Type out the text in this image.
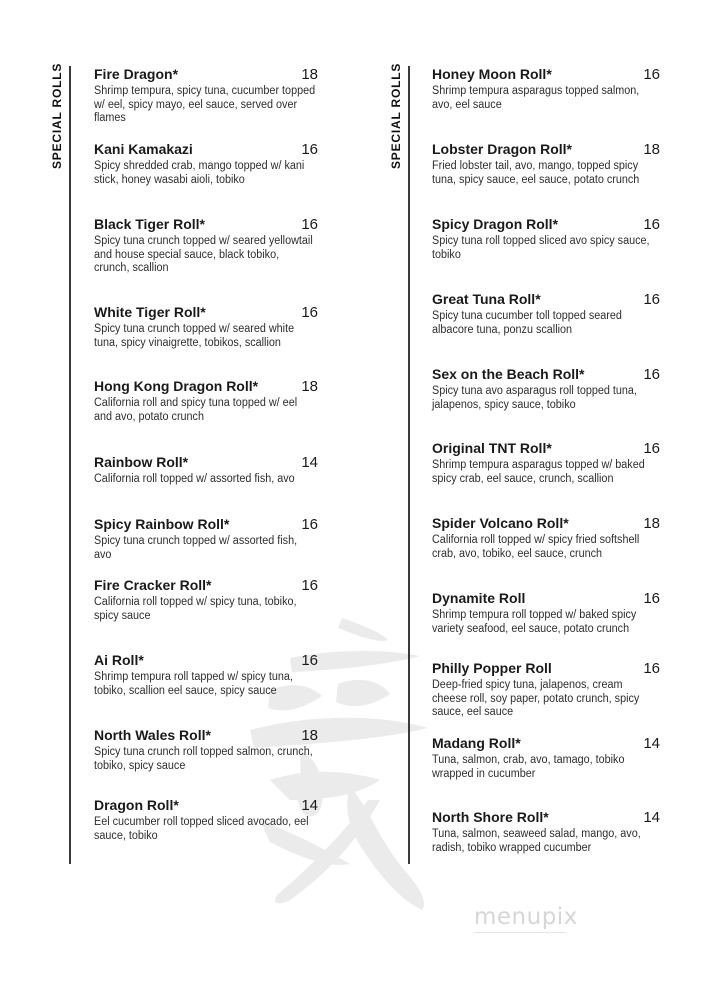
menupix
SPECIAL ROLLS	SPECIAL ROLLS
Fire Dragon*	18
Shrimp tempura, spicy tuna, cucumber topped w/ eel, spicy mayo, eel sauce, served over flames
Kani Kamakazi	16
Spicy shredded crab, mango topped w/ kani stick, honey wasabi aioli, tobiko
Black Tiger Roll*	16
Spicy tuna crunch topped w/ seared yellowtail and house special sauce, black tobiko, crunch, scallion
White Tiger Roll*	16
Spicy tuna crunch topped w/ seared white tuna, spicy vinaigrette, tobikos, scallion
Hong Kong Dragon Roll*	18
California roll and spicy tuna topped w/ eel and avo, potato crunch
Rainbow Roll*	14
California roll topped w/ assorted fish, avo
Spicy Rainbow Roll*	16
Spicy tuna crunch topped w/ assorted fish, avo
Fire Cracker Roll*	16
California roll topped w/ spicy tuna, tobiko, spicy sauce
Ai Roll*	16
Shrimp tempura roll tapped w/ spicy tuna, tobiko, scallion eel sauce, spicy sauce
North Wales Roll*	18
Spicy tuna crunch roll topped salmon, crunch, tobiko, spicy sauce
Dragon Roll*	14
Eel cucumber roll topped sliced avocado, eel sauce, tobiko
Honey Moon Roll*	16
Shrimp tempura asparagus topped salmon, avo, eel sauce
Lobster Dragon Roll*	18
Fried lobster tail, avo, mango, topped spicy tuna, spicy sauce, eel sauce, potato crunch
Spicy Dragon Roll*	16
Spicy tuna roll topped sliced avo spicy sauce, tobiko
Great Tuna Roll*	16
Spicy tuna cucumber toll topped seared albacore tuna, ponzu scallion
Sex on the Beach Roll*	16
Spicy tuna avo asparagus roll topped tuna, jalapenos, spicy sauce, tobiko
Original TNT Roll*	16
Shrimp tempura asparagus topped w/ baked spicy crab, eel sauce, crunch, scallion
Spider Volcano Roll*	18
California roll topped w/ spicy fried softshell crab, avo, tobiko, eel sauce, crunch
Dynamite Roll	16
Shrimp tempura roll topped w/ baked spicy variety seafood, eel sauce, potato crunch
Philly Popper Roll	16
Deep-fried spicy tuna, jalapenos, cream cheese roll, soy paper, potato crunch, spicy sauce, eel sauce
Madang Roll*	14
Tuna, salmon, crab, avo, tamago, tobiko wrapped in cucumber
North Shore Roll*	14
Tuna, salmon, seaweed salad, mango, avo, radish, tobiko wrapped cucumber
